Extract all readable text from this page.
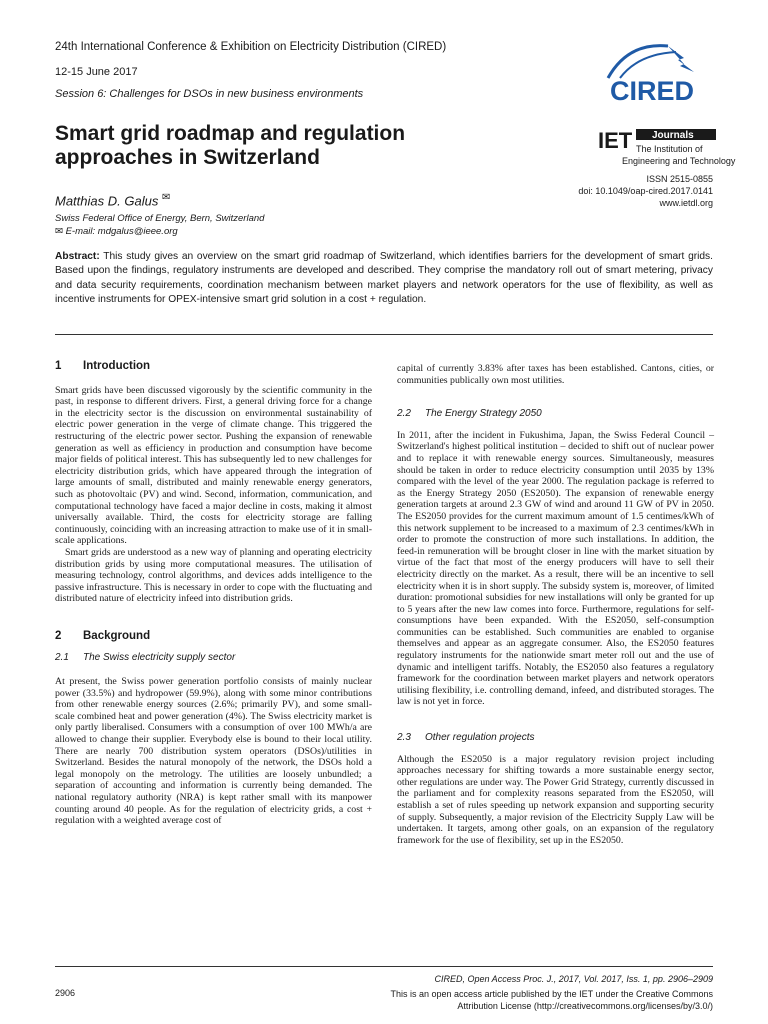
24th International Conference & Exhibition on Electricity Distribution (CIRED)
12-15 June 2017
Session 6: Challenges for DSOs in new business environments	CIRED
Smart grid roadmap and regulation approaches in Switzerland
IET Journals
The Institution of
Engineering and Technology
ISSN 2515-0855
doi: 10.1049/oap-cired.2017.0141
www.ietdl.org
Matthias D. Galus ✉
Swiss Federal Office of Energy, Bern, Switzerland
✉ E-mail: mdgalus@ieee.org
Abstract: This study gives an overview on the smart grid roadmap of Switzerland, which identifies barriers for the development of smart grids. Based upon the findings, regulatory instruments are developed and described. They comprise the mandatory roll out of smart metering, privacy and data security requirements, coordination mechanism between market players and network operators for the use of flexibility, as well as incentive instruments for OPEX-intensive smart grid solution in a cost + regulation.
1 Introduction

Smart grids have been discussed vigorously by the scientific community in the past, in response to different drivers. First, a general driving force for a change in the electricity sector is the discussion on environmental sustainability of electric power generation in the verge of climate change. This triggered the restructuring of the electric power sector. Pushing the expansion of renewable generation as well as efficiency in production and consumption have become major fields of political interest. This has subsequently led to new challenges for electricity distribution grids, which have appeared through the integration of large amounts of small, distributed and mainly renewable energy generators, such as photovoltaic (PV) and wind. Second, information, communication, and computational technology have faced a major decline in costs, making it almost universally available. Third, the costs for electricity storage are falling continuously, coinciding with an increasing attraction to make use of it in small-scale applications.

Smart grids are understood as a new way of planning and operating electricity distribution grids by using more computational measures. The utilisation of measuring technology, control algorithms, and devices adds intelligence to the passive infrastructure. This is necessary in order to cope with the fluctuating and distributed nature of electricity infeed into distribution grids.

2 Background
2.1 The Swiss electricity supply sector

At present, the Swiss power generation portfolio consists of mainly nuclear power (33.5%) and hydropower (59.9%), along with some minor contributions from other renewable energy sources (2.6%; primarily PV), and some small-scale combined heat and power generation (4%). The Swiss electricity market is only partly liberalised. Consumers with a consumption of over 100 MWh/a are allowed to change their supplier. Everybody else is bound to their local utility. There are nearly 700 distribution system operators (DSOs)/utilities in Switzerland. Besides the natural monopoly of the network, the DSOs hold a legal monopoly on the metrology. The utilities are loosely unbundled; a separation of accounting and information is currently being demanded. The national regulatory authority (NRA) is kept rather small with its manpower counting around 40 people. As for the regulation of electricity grids, a cost + regulation with a weighted average cost of

capital of currently 3.83% after taxes has been established. Cantons, cities, or communities publically own most utilities.

2.2 The Energy Strategy 2050

In 2011, after the incident in Fukushima, Japan, the Swiss Federal Council – Switzerland's highest political institution – decided to shift out of nuclear power and to replace it with renewable energy sources. Simultaneously, measures should be taken in order to reduce electricity consumption until 2035 by 13% compared with the level of the year 2000. The regulation package is referred to as the Energy Strategy 2050 (ES2050). The expansion of renewable energy generation targets at around 2.3 GW of wind and around 11 GW of PV in 2050. The ES2050 provides for the current maximum amount of 1.5 centimes/kWh of this network supplement to be increased to a maximum of 2.3 centimes/kWh in order to promote the construction of more such installations. In addition, the feed-in remuneration will be brought closer in line with the market situation by virtue of the fact that most of the energy producers will have to sell their electricity directly on the market. As a result, there will be an incentive to sell electricity when it is in short supply. The subsidy system is, moreover, of limited duration: promotional subsidies for new installations will only be granted for up to 5 years after the new law comes into force. Furthermore, regulations for self-consumptions have been expanded. With the ES2050, self-consumption communities can be established. Such communities are enabled to organise themselves and appear as an aggregate consumer. Also, the ES2050 features regulatory instruments for the nationwide smart meter roll out and the use of dynamic and intelligent tariffs. Notably, the ES2050 also features a regulatory framework for the coordination between market players and network operators utilising flexibility, i.e. controlling demand, infeed, and distributed storages. The law is not yet in force.

2.3 Other regulation projects

Although the ES2050 is a major regulatory revision project including approaches necessary for shifting towards a more sustainable energy sector, other regulations are under way. The Power Grid Strategy, currently discussed in the parliament and for complexity reasons separated from the ES2050, will establish a set of rules speeding up network expansion and supporting security of supply. Subsequently, a major revision of the Electricity Supply Law will be undertaken. It targets, among other goals, on an expansion of the regulatory framework for the use of flexibility, set up in the ES2050.

CIRED, Open Access Proc. J., 2017, Vol. 2017, Iss. 1, pp. 2906–2909
2906	This is an open access article published by the IET under the Creative Commons
Attribution License (http://creativecommons.org/licenses/by/3.0/)
